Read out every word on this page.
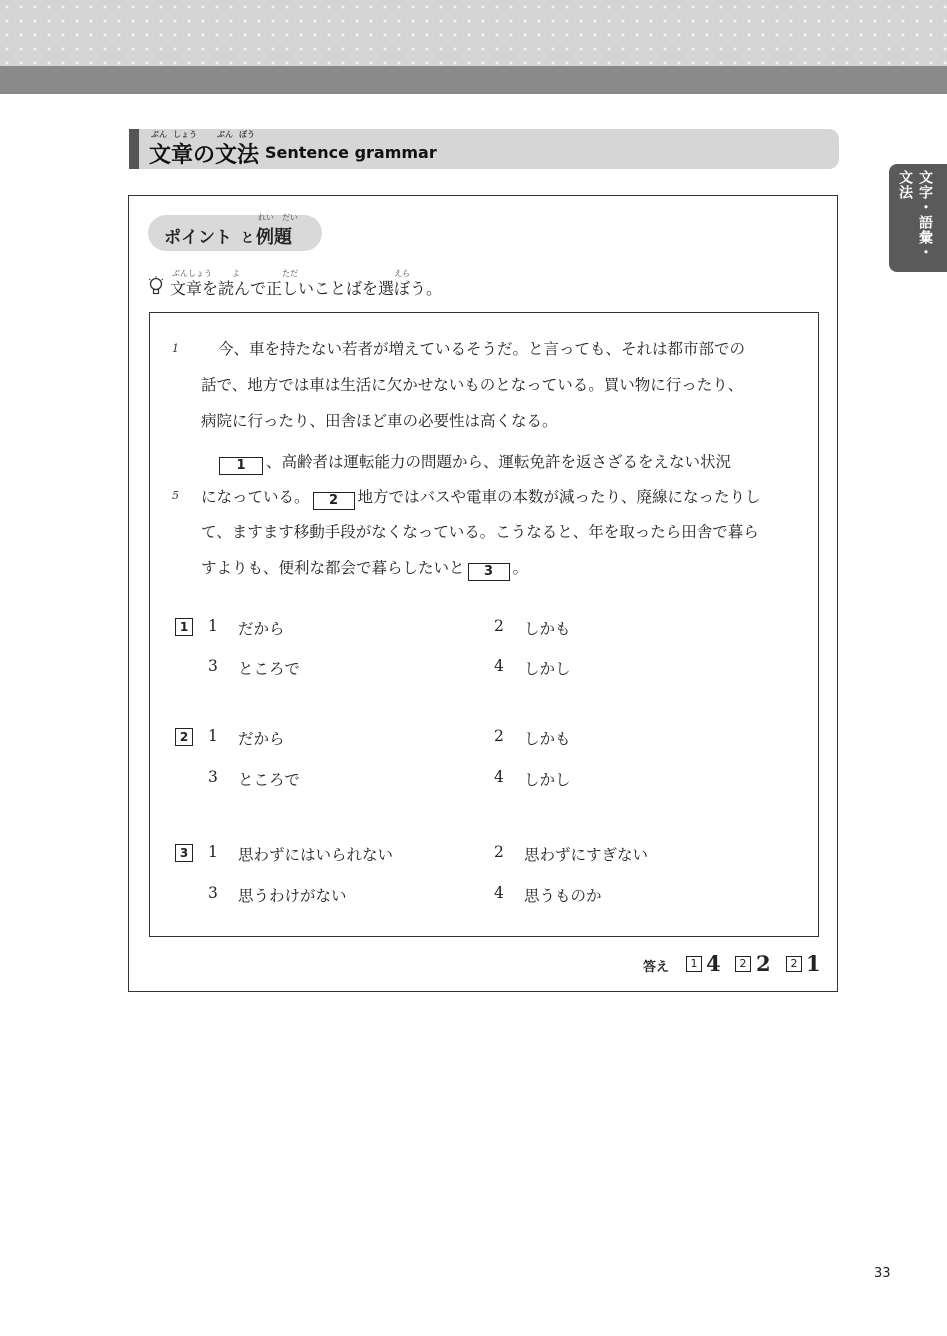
文字・語彙・文法
ぶん しょう	ぶん ぽう
文章の文法 Sentence grammar
ポイント と 例題
れい　だい
ぶんしょう	よ	ただ	えら
文章を読んで正しいことばを選ぼう。
1
5
今、車を持たない若者が増えているそうだ。と言っても、それは都市部での
話で、地方では車は生活に欠かせないものとなっている。買い物に行ったり、
病院に行ったり、田舎ほど車の必要性は高くなる。
1 、高齢者は運転能力の問題から、運転免許を返さざるをえない状況
になっている。 2 地方ではバスや電車の本数が減ったり、廃線になったりし
て、ますます移動手段がなくなっている。こうなると、年を取ったら田舎で暮ら
すよりも、便利な都会で暮らしたいと 3 。
1	1 だから	2 しかも
3 ところで	4 しかし
2	1 だから	2 しかも
3 ところで	4 しかし
3	1 思わずにはいられない	2 思わずにすぎない
3 思うわけがない	4 思うものか
答え	1 4	2 2	2 1
33
